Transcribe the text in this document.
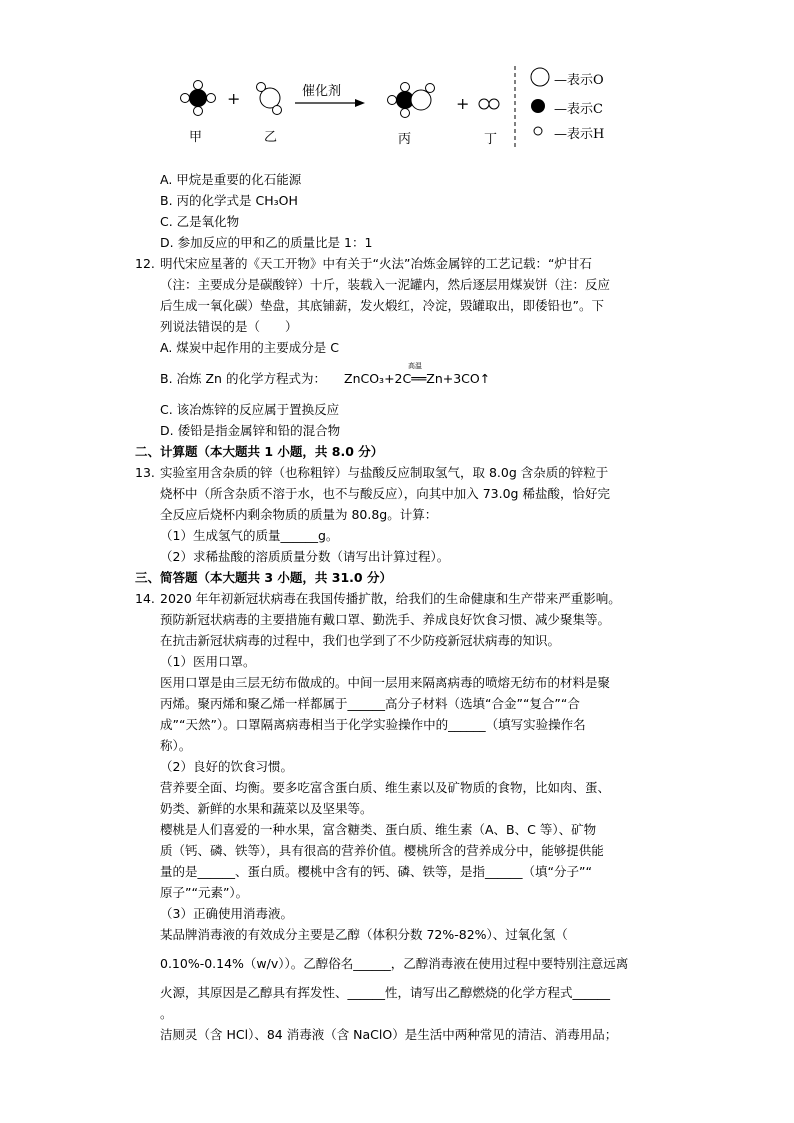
+	+
催化剂
甲	乙	丙	丁
—表示O
—表示C
—表示H
A. 甲烷是重要的化石能源
B. 丙的化学式是 CH₃OH
C. 乙是氧化物
D. 参加反应的甲和乙的质量比是 1：1
12. 明代宋应星著的《天工开物》中有关于“火法”冶炼金属锌的工艺记载：“炉甘石
（注：主要成分是碳酸锌）十斤，装载入一泥罐内，然后逐层用煤炭饼（注：反应
后生成一氧化碳）垫盘，其底铺薪，发火煅红，冷淀，毁罐取出，即倭铅也”。下
列说法错误的是（　　）
A. 煤炭中起作用的主要成分是 C
B. 冶炼 Zn 的化学方程式为：
高温
ZnCO₃+2C══Zn+3CO↑
C. 该冶炼锌的反应属于置换反应
D. 倭铅是指金属锌和铅的混合物
二、计算题（本大题共 1 小题，共 8.0 分）
13. 实验室用含杂质的锌（也称粗锌）与盐酸反应制取氢气，取 8.0g 含杂质的锌粒于
烧杯中（所含杂质不溶于水，也不与酸反应），向其中加入 73.0g 稀盐酸，恰好完
全反应后烧杯内剩余物质的质量为 80.8g。计算：
（1）生成氢气的质量______g。
（2）求稀盐酸的溶质质量分数（请写出计算过程）。
三、简答题（本大题共 3 小题，共 31.0 分）
14. 2020 年年初新冠状病毒在我国传播扩散，给我们的生命健康和生产带来严重影响。
预防新冠状病毒的主要措施有戴口罩、勤洗手、养成良好饮食习惯、减少聚集等。
在抗击新冠状病毒的过程中，我们也学到了不少防疫新冠状病毒的知识。
（1）医用口罩。
医用口罩是由三层无纺布做成的。中间一层用来隔离病毒的喷熔无纺布的材料是聚
丙烯。聚丙烯和聚乙烯一样都属于______高分子材料（选填“合金”“复合”“合
成”“天然”）。口罩隔离病毒相当于化学实验操作中的______（填写实验操作名
称）。
（2）良好的饮食习惯。
营养要全面、均衡。要多吃富含蛋白质、维生素以及矿物质的食物，比如肉、蛋、
奶类、新鲜的水果和蔬菜以及坚果等。
樱桃是人们喜爱的一种水果，富含糖类、蛋白质、维生素（A、B、C 等）、矿物
质（钙、磷、铁等），具有很高的营养价值。樱桃所含的营养成分中，能够提供能
量的是______、蛋白质。樱桃中含有的钙、磷、铁等，是指______（填“分子”“
原子”“元素”）。
（3）正确使用消毒液。
某品牌消毒液的有效成分主要是乙醇（体积分数 72%-82%）、过氧化氢（
0.10%-0.14%（w/v））。乙醇俗名______，乙醇消毒液在使用过程中要特别注意远离
火源，其原因是乙醇具有挥发性、______性，请写出乙醇燃烧的化学方程式______
。
洁厕灵（含 HCl）、84 消毒液（含 NaClO）是生活中两种常见的清洁、消毒用品；
